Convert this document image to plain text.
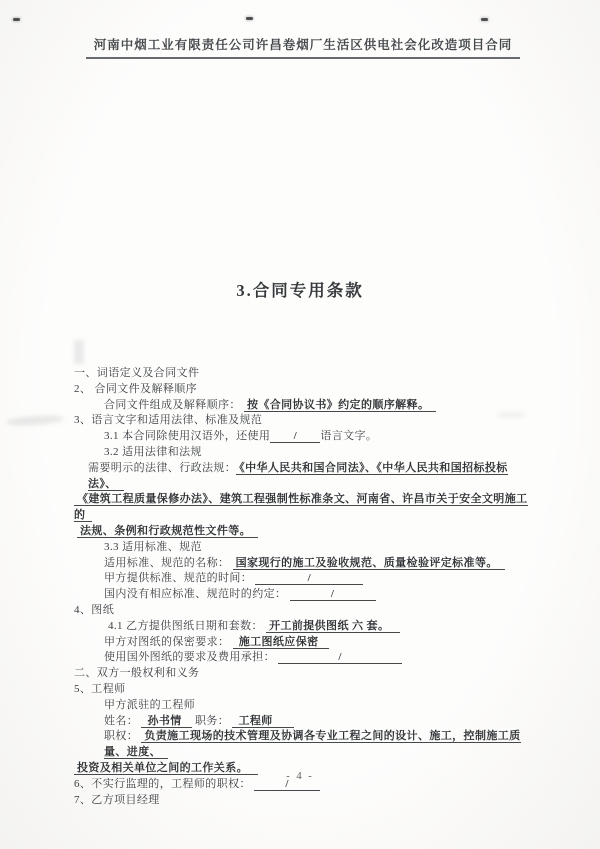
河南中烟工业有限责任公司许昌卷烟厂生活区供电社会化改造项目合同
3.合同专用条款
一、词语定义及合同文件
2、 合同文件及解释顺序
合同文件组成及解释顺序： 按《合同协议书》约定的顺序解释。
3、语言文字和适用法律、标准及规范
3.1 本合同除使用汉语外，还使用 / 语言文字。
3.2 适用法律和法规
需要明示的法律、行政法规： 《中华人民共和国合同法》、《中华人民共和国招标投标法》、
《建筑工程质量保修办法》、建筑工程强制性标准条文、河南省、许昌市关于安全文明施工的
法规、条例和行政规范性文件等。
3.3 适用标准、规范
适用标准、规范的名称： 国家现行的施工及验收规范、质量检验评定标准等。
甲方提供标准、规范的时间：	/
国内没有相应标准、规范时的约定：	/
4、图纸
4.1 乙方提供图纸日期和套数： 开工前提供图纸 六 套。
甲方对图纸的保密要求：  施工图纸应保密
使用国外图纸的要求及费用承担：	/
二、双方一般权利和义务
5、工程师
甲方派驻的工程师
姓名：  孙书情  职务：  工程师　
职权： 负责施工现场的技术管理及协调各专业工程之间的设计、施工，控制施工质量、进度、
投资及相关单位之间的工作关系。
6、不实行监理的，工程师的职权：	/
7、乙方项目经理
- 4 -
